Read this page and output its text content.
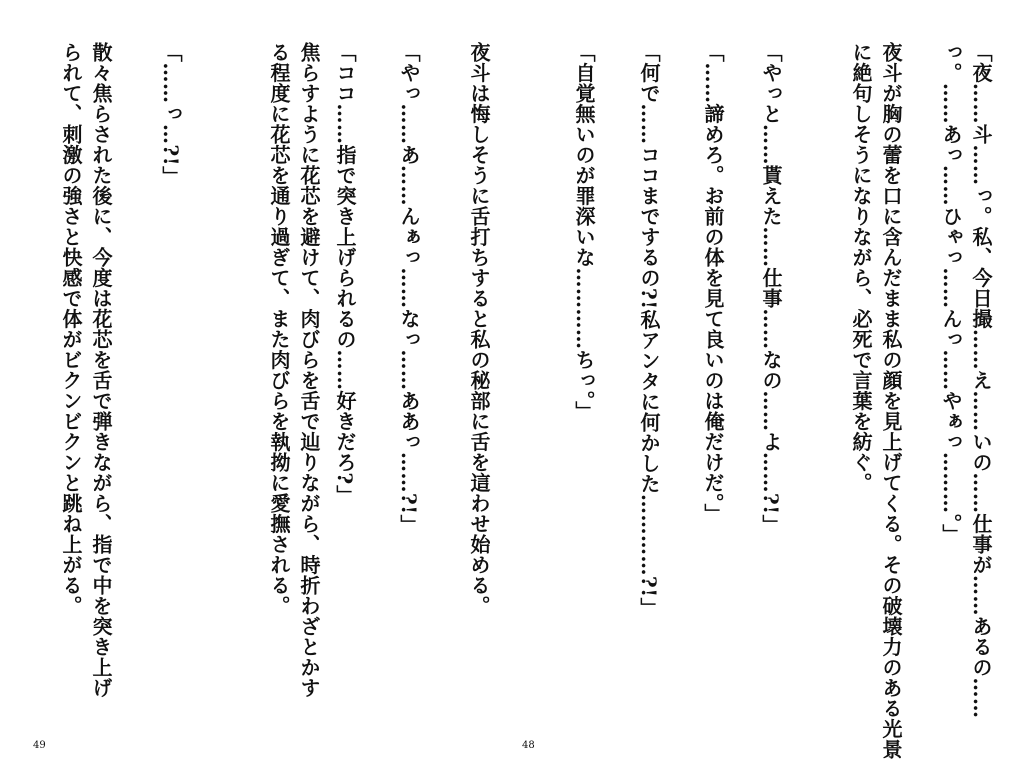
焦らすように花芯を避けて、肉びらを舌で辿りながら、時折わざとかす
る程度に花芯を通り過ぎて、また肉びらを執拗に愛撫される。
「……っ…?!」
散々焦らされた後に、今度は花芯を舌で弾きながら、指で中を突き上げ
られて、刺激の強さと快感で体がビクンビクンと跳ね上がる。
49
「夜……斗……っ。私、今日撮……え……いの……仕事が……あるの……
っ。……あっ……ひゃっ……んっ……やぁっ………。」
夜斗が胸の蕾を口に含んだまま私の顔を見上げてくる。その破壊力のある光景
に絶句しそうになりながら、必死で言葉を紡ぐ。
「やっと……貰えた……仕事……なの……よ……?!」
「……諦めろ。お前の体を見て良いのは俺だけだ。」
「何で……ココまでするの?!私アンタに何かした…………?!」
「自覚無いのが罪深いな…………ちっ。」
夜斗は悔しそうに舌打ちすると私の秘部に舌を這わせ始める。
48
「やっ……あ……んぁっ……なっ……ああっ……?!」
「ココ……指で突き上げられるの……好きだろ?」
